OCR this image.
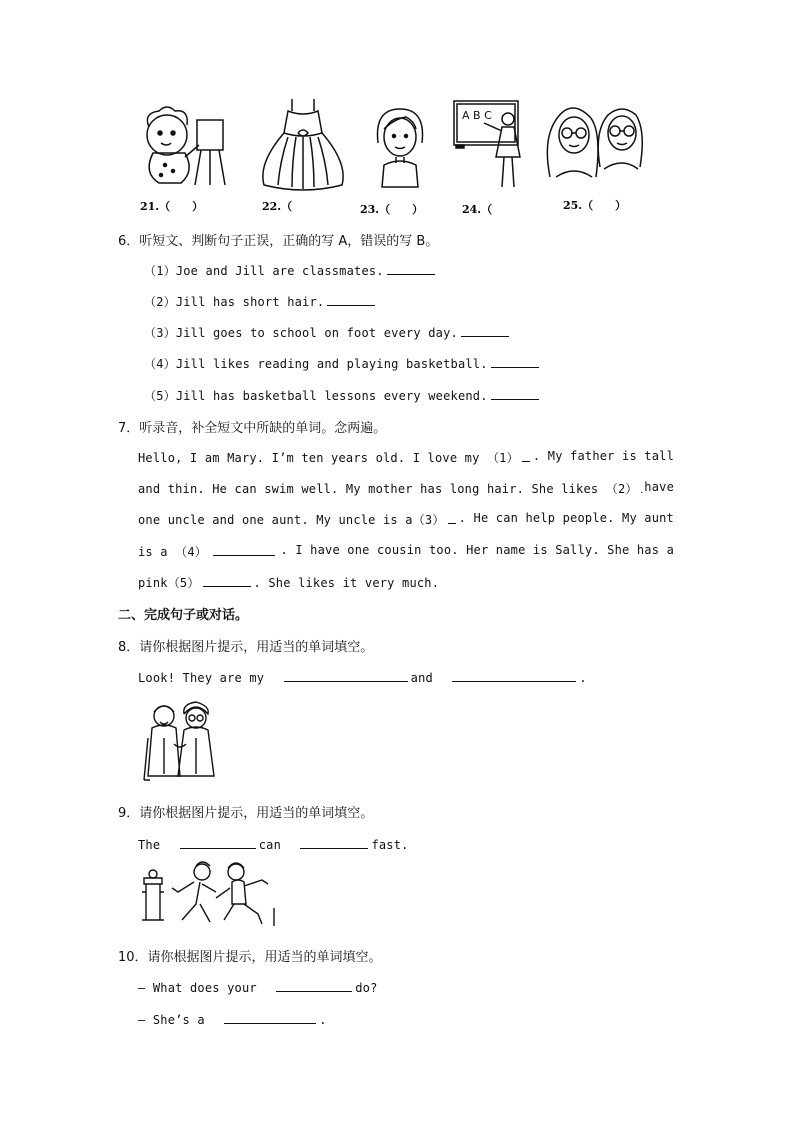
21.（　　）	22.（	23.（　　）
A B C
24.（	25.（　　）
6．听短文、判断句子正误，正确的写 A，错误的写 B。
（1）Joe and Jill are classmates.
（2）Jill has short hair.
（3）Jill goes to school on foot every day.
（4）Jill likes reading and playing basketball.
（5）Jill has basketball lessons every weekend.
7．听录音，补全短文中所缺的单词。念两遍。
Hello, I am Mary. I’m ten years old. I love my （1） . My father is tall
and thin. He can swim well. My mother has long hair. She likes （2） have
one uncle and one aunt. My uncle is a（3） . He can help people. My aunt
is a （4）	. I have one cousin too. Her name is Sally. She has a
pink（5）	. She likes it very much.
二、完成句子或对话。
8．请你根据图片提示，用适当的单词填空。
Look! They are my	and	.
9．请你根据图片提示，用适当的单词填空。
The	can	fast.
10．请你根据图片提示，用适当的单词填空。
— What does your	do?
— She’s a	.
